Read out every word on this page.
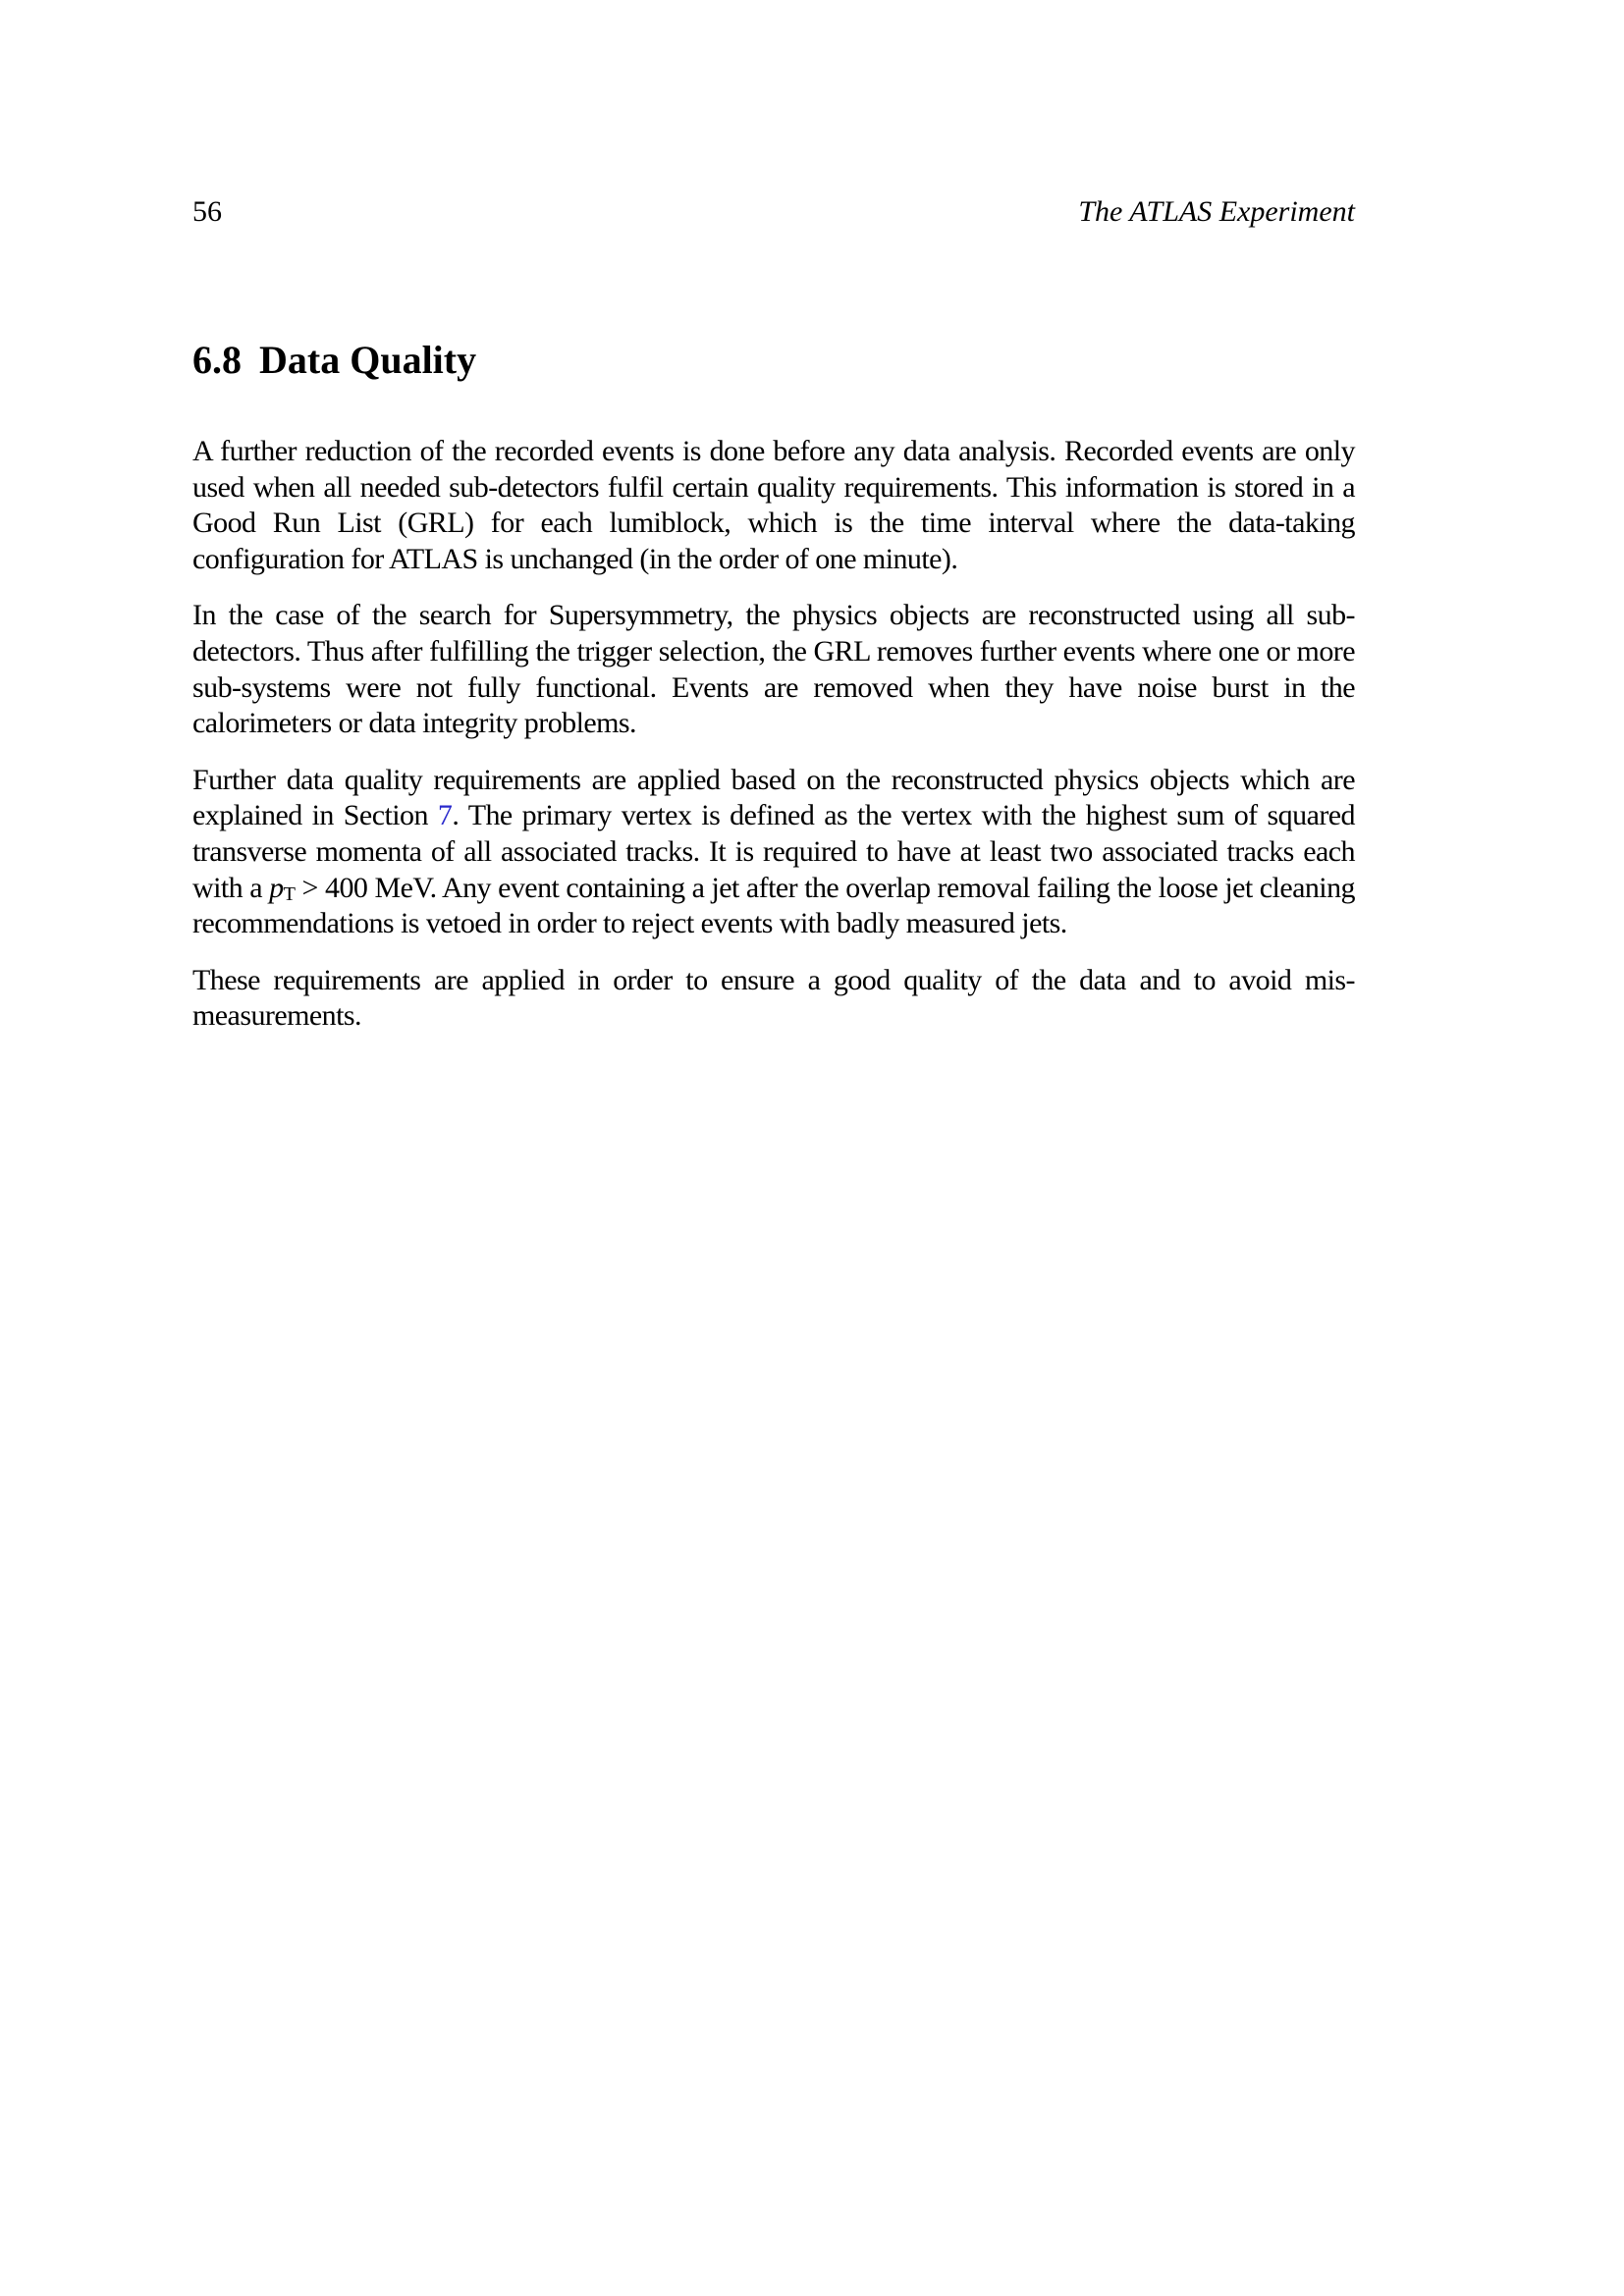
56	The ATLAS Experiment
6.8 Data Quality

A further reduction of the recorded events is done before any data analysis. Recorded events are only used when all needed sub-detectors fulfil certain quality requirements. This information is stored in a Good Run List (GRL) for each lumiblock, which is the time interval where the data-taking configuration for ATLAS is unchanged (in the order of one minute).

In the case of the search for Supersymmetry, the physics objects are reconstructed using all sub-detectors. Thus after fulfilling the trigger selection, the GRL removes further events where one or more sub-systems were not fully functional. Events are removed when they have noise burst in the calorimeters or data integrity problems.

Further data quality requirements are applied based on the reconstructed physics objects which are explained in Section 7. The primary vertex is defined as the vertex with the highest sum of squared transverse momenta of all associated tracks. It is required to have at least two associated tracks each with a $p_T > 400$ MeV. Any event containing a jet after the overlap removal failing the loose jet cleaning recommendations is vetoed in order to reject events with badly measured jets.

These requirements are applied in order to ensure a good quality of the data and to avoid mis-measurements.
